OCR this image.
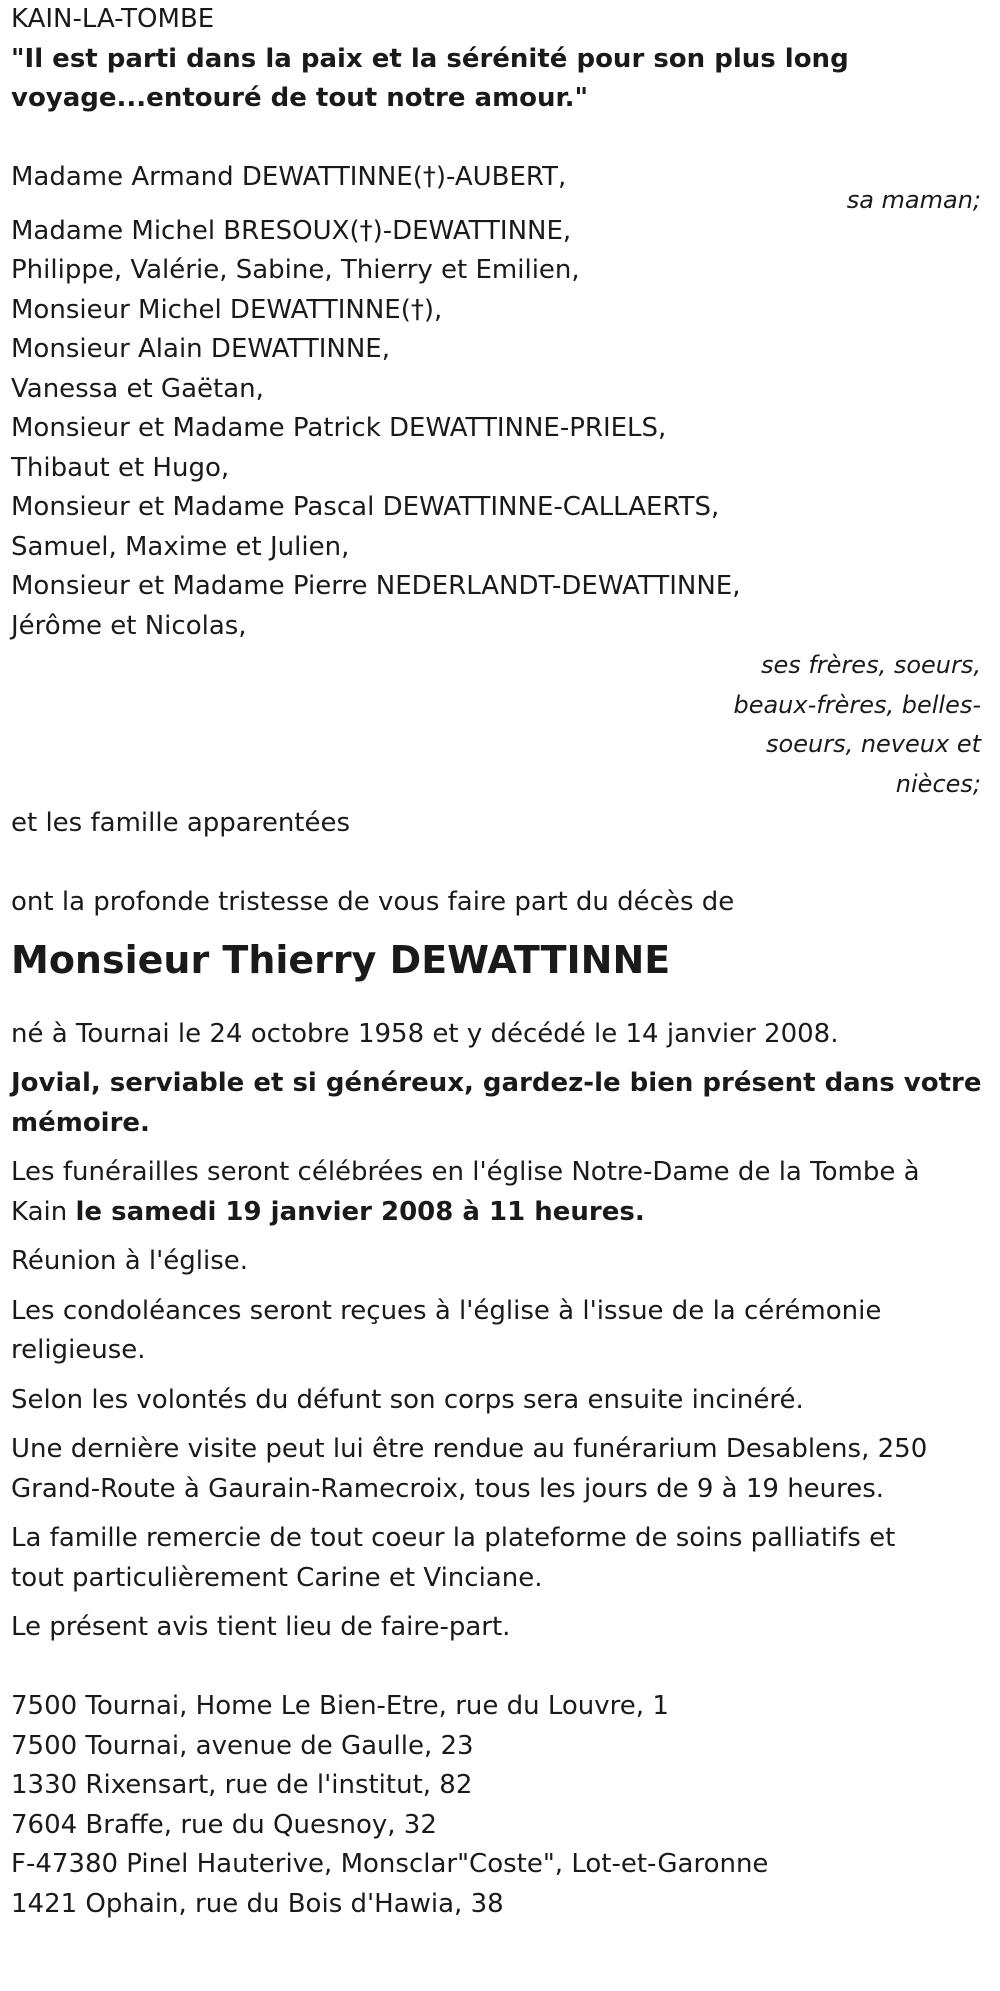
KAIN-LA-TOMBE
"Il est parti dans la paix et la sérénité pour son plus long
voyage...entouré de tout notre amour."
Madame Armand DEWATTINNE(†)-AUBERT,
sa maman;
Madame Michel BRESOUX(†)-DEWATTINNE,
Philippe, Valérie, Sabine, Thierry et Emilien,
Monsieur Michel DEWATTINNE(†),
Monsieur Alain DEWATTINNE,
Vanessa et Gaëtan,
Monsieur et Madame Patrick DEWATTINNE-PRIELS,
Thibaut et Hugo,
Monsieur et Madame Pascal DEWATTINNE-CALLAERTS,
Samuel, Maxime et Julien,
Monsieur et Madame Pierre NEDERLANDT-DEWATTINNE,
Jérôme et Nicolas,
ses frères, soeurs,
beaux-frères, belles-
soeurs, neveux et
nièces;
et les famille apparentées
ont la profonde tristesse de vous faire part du décès de
Monsieur Thierry DEWATTINNE
né à Tournai le 24 octobre 1958 et y décédé le 14 janvier 2008.
Jovial, serviable et si généreux, gardez-le bien présent dans votre
mémoire.
Les funérailles seront célébrées en l'église Notre-Dame de la Tombe à
Kain le samedi 19 janvier 2008 à 11 heures.
Réunion à l'église.
Les condoléances seront reçues à l'église à l'issue de la cérémonie
religieuse.
Selon les volontés du défunt son corps sera ensuite incinéré.
Une dernière visite peut lui être rendue au funérarium Desablens, 250
Grand-Route à Gaurain-Ramecroix, tous les jours de 9 à 19 heures.
La famille remercie de tout coeur la plateforme de soins palliatifs et
tout particulièrement Carine et Vinciane.
Le présent avis tient lieu de faire-part.
7500 Tournai, Home Le Bien-Etre, rue du Louvre, 1
7500 Tournai, avenue de Gaulle, 23
1330 Rixensart, rue de l'institut, 82
7604 Braffe, rue du Quesnoy, 32
F-47380 Pinel Hauterive, Monsclar"Coste", Lot-et-Garonne
1421 Ophain, rue du Bois d'Hawia, 38
